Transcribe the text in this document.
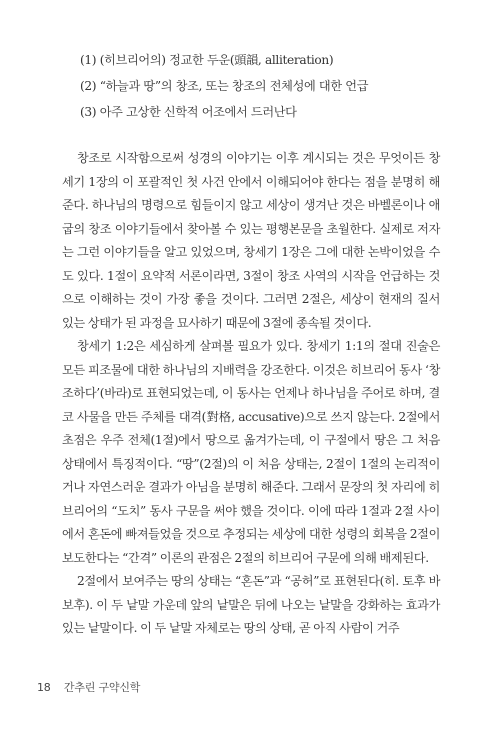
(1) (히브리어의) 정교한 두운(頭韻, alliteration)
(2) “하늘과 땅”의 창조, 또는 창조의 전체성에 대한 언급
(3) 아주 고상한 신학적 어조에서 드러난다

창조로 시작함으로써 성경의 이야기는 이후 계시되는 것은 무엇이든 창세기 1장의 이 포괄적인 첫 사건 안에서 이해되어야 한다는 점을 분명히 해준다. 하나님의 명령으로 힘들이지 않고 세상이 생겨난 것은 바벨론이나 애굽의 창조 이야기들에서 찾아볼 수 있는 평행본문을 초월한다. 실제로 저자는 그런 이야기들을 알고 있었으며, 창세기 1장은 그에 대한 논박이었을 수도 있다. 1절이 요약적 서론이라면, 3절이 창조 사역의 시작을 언급하는 것으로 이해하는 것이 가장 좋을 것이다. 그러면 2절은, 세상이 현재의 질서 있는 상태가 된 과정을 묘사하기 때문에 3절에 종속될 것이다.

창세기 1:2은 세심하게 살펴볼 필요가 있다. 창세기 1:1의 절대 진술은 모든 피조물에 대한 하나님의 지배력을 강조한다. 이것은 히브리어 동사 ‘창조하다’(바라)로 표현되었는데, 이 동사는 언제나 하나님을 주어로 하며, 결코 사물을 만든 주체를 대격(對格, accusative)으로 쓰지 않는다. 2절에서 초점은 우주 전체(1절)에서 땅으로 옮겨가는데, 이 구절에서 땅은 그 처음 상태에서 특징적이다. “땅”(2절)의 이 처음 상태는, 2절이 1절의 논리적이거나 자연스러운 결과가 아님을 분명히 해준다. 그래서 문장의 첫 자리에 히브리어의 “도치” 동사 구문을 써야 했을 것이다. 이에 따라 1절과 2절 사이에서 혼돈에 빠져들었을 것으로 추정되는 세상에 대한 성령의 회복을 2절이 보도한다는 “간격” 이론의 관점은 2절의 히브리어 구문에 의해 배제된다.

2절에서 보여주는 땅의 상태는 “혼돈”과 “공허”로 표현된다(히. 토후 바보후). 이 두 낱말 가운데 앞의 낱말은 뒤에 나오는 낱말을 강화하는 효과가 있는 낱말이다. 이 두 낱말 자체로는 땅의 상태, 곧 아직 사람이 거주

18 간추린 구약신학
